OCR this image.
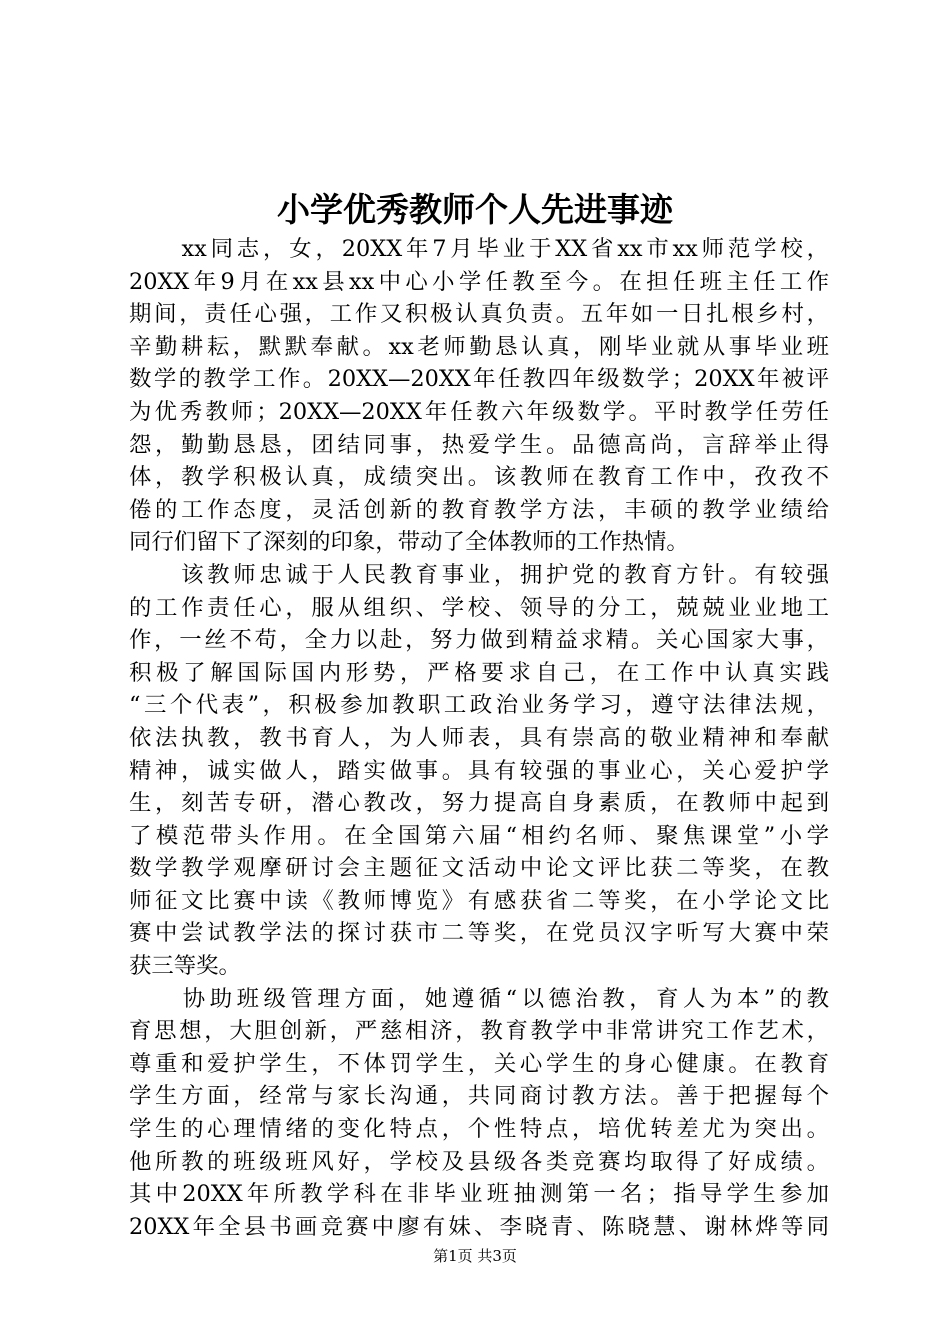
小学优秀教师个人先进事迹
　　xx同志，女，20XX年7月毕业于XX省xx市xx师范学校，
20XX年9月在xx县xx中心小学任教至今。在担任班主任工作
期间，责任心强，工作又积极认真负责。五年如一日扎根乡村，
辛勤耕耘，默默奉献。xx老师勤恳认真，刚毕业就从事毕业班
数学的教学工作。20XX—20XX年任教四年级数学；20XX年被评
为优秀教师；20XX—20XX年任教六年级数学。平时教学任劳任
怨，勤勤恳恳，团结同事，热爱学生。品德高尚，言辞举止得
体，教学积极认真，成绩突出。该教师在教育工作中，孜孜不
倦的工作态度，灵活创新的教育教学方法，丰硕的教学业绩给
同行们留下了深刻的印象，带动了全体教师的工作热情。
　　该教师忠诚于人民教育事业，拥护党的教育方针。有较强
的工作责任心，服从组织、学校、领导的分工，兢兢业业地工
作，一丝不苟，全力以赴，努力做到精益求精。关心国家大事，
积极了解国际国内形势，严格要求自己，在工作中认真实践
“三个代表”，积极参加教职工政治业务学习，遵守法律法规，
依法执教，教书育人，为人师表，具有崇高的敬业精神和奉献
精神，诚实做人，踏实做事。具有较强的事业心，关心爱护学
生，刻苦专研，潜心教改，努力提高自身素质，在教师中起到
了模范带头作用。在全国第六届“相约名师、聚焦课堂”小学
数学教学观摩研讨会主题征文活动中论文评比获二等奖，在教
师征文比赛中读《教师博览》有感获省二等奖，在小学论文比
赛中尝试教学法的探讨获市二等奖，在党员汉字听写大赛中荣
获三等奖。
　　协助班级管理方面，她遵循“以德治教，育人为本”的教
育思想，大胆创新，严慈相济，教育教学中非常讲究工作艺术，
尊重和爱护学生，不体罚学生，关心学生的身心健康。在教育
学生方面，经常与家长沟通，共同商讨教方法。善于把握每个
学生的心理情绪的变化特点，个性特点，培优转差尤为突出。
他所教的班级班风好，学校及县级各类竞赛均取得了好成绩。
其中20XX年所教学科在非毕业班抽测第一名；指导学生参加
20XX年全县书画竞赛中廖有妹、李晓青、陈晓慧、谢林烨等同
第1页 共3页
